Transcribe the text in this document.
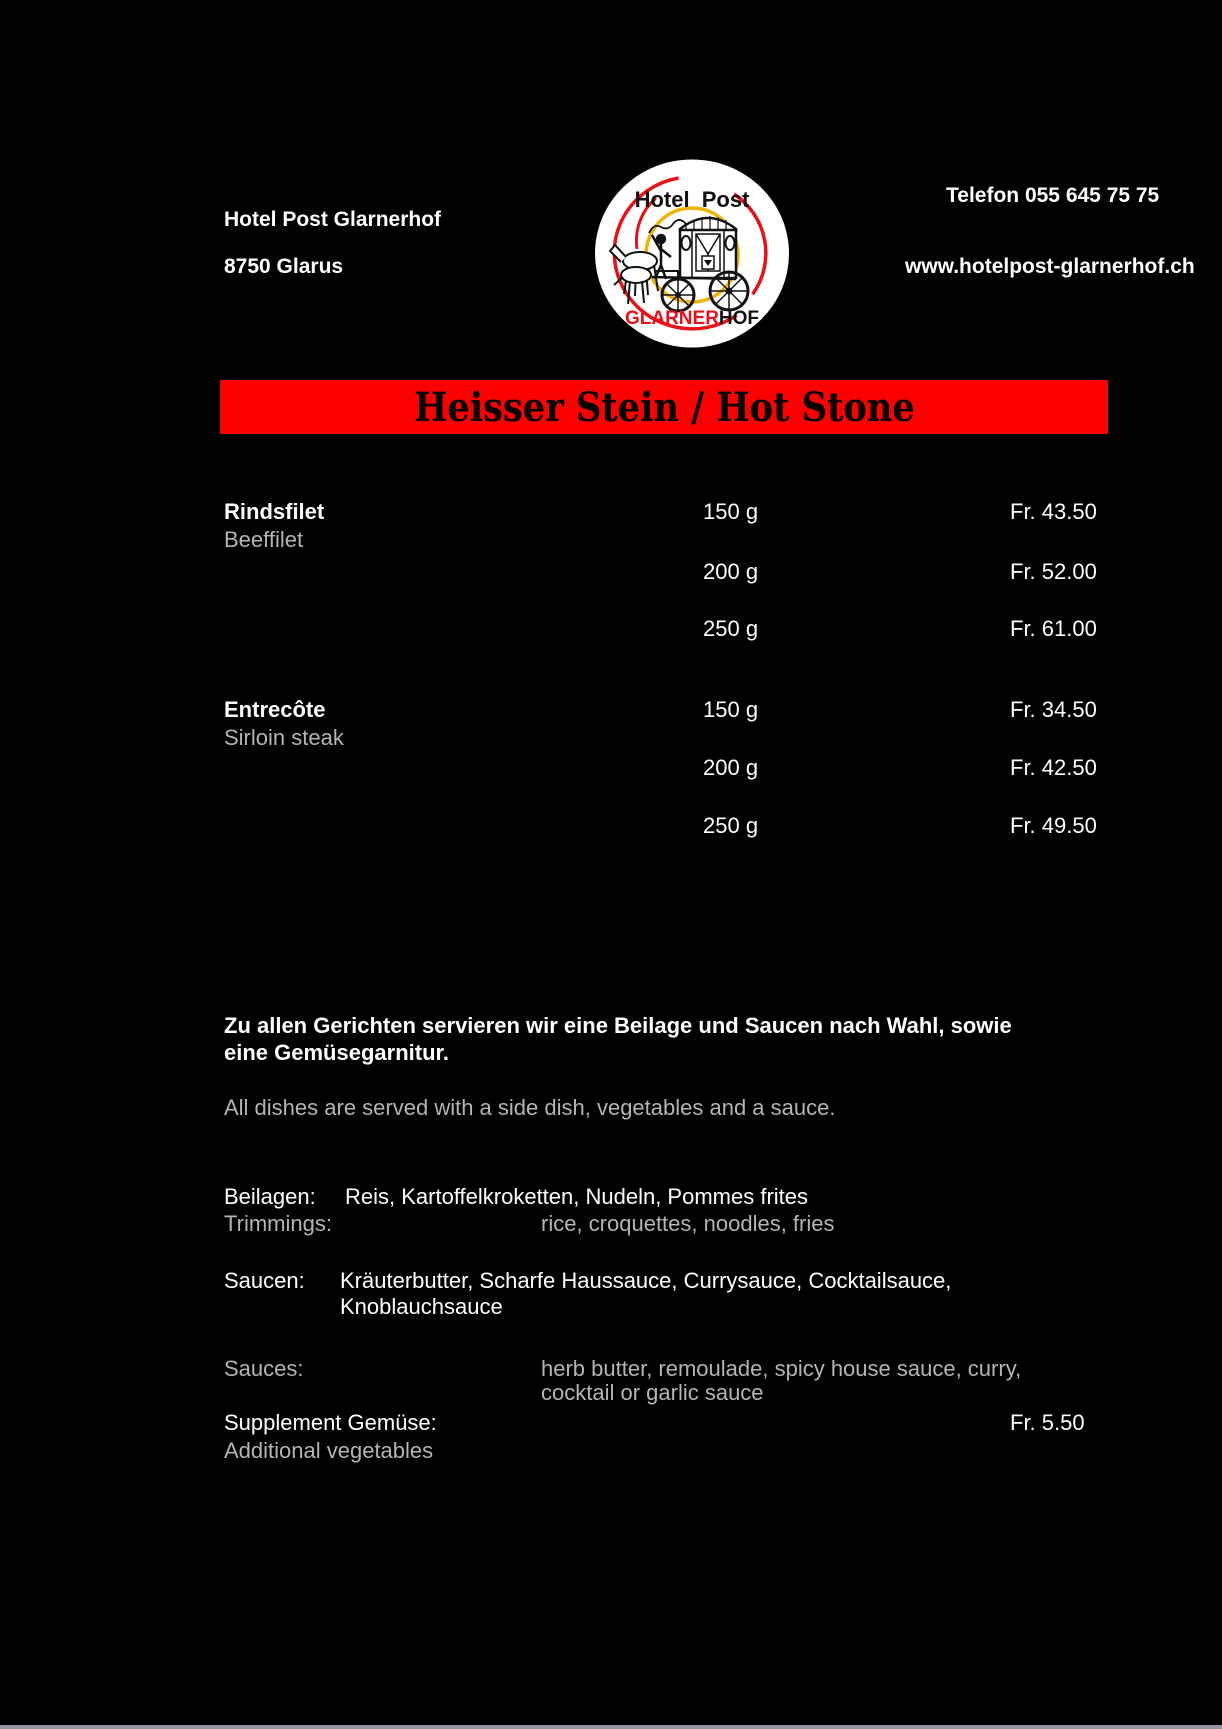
Hotel Post Glarnerhof
8750 Glarus
Telefon 055 645 75 75
www.hotelpost-glarnerhof.ch
Hotel Post
GLARNERHOF
Heisser Stein / Hot Stone
Rindsfilet
Beeffilet
150 g	Fr. 43.50
200 g	Fr. 52.00
250 g	Fr. 61.00
Entrecôte
Sirloin steak
150 g	Fr. 34.50
200 g	Fr. 42.50
250 g	Fr. 49.50
Zu allen Gerichten servieren wir eine Beilage und Saucen nach Wahl, sowie
eine Gemüsegarnitur.
All dishes are served with a side dish, vegetables and a sauce.
Beilagen: Reis, Kartoffelkroketten, Nudeln, Pommes frites
Trimmings:	rice, croquettes, noodles, fries
Saucen: Kräuterbutter, Scharfe Haussauce, Currysauce, Cocktailsauce,
Knoblauchsauce
Sauces:	herb butter, remoulade, spicy house sauce, curry,
cocktail or garlic sauce
Supplement Gemüse:	Fr. 5.50
Additional vegetables
